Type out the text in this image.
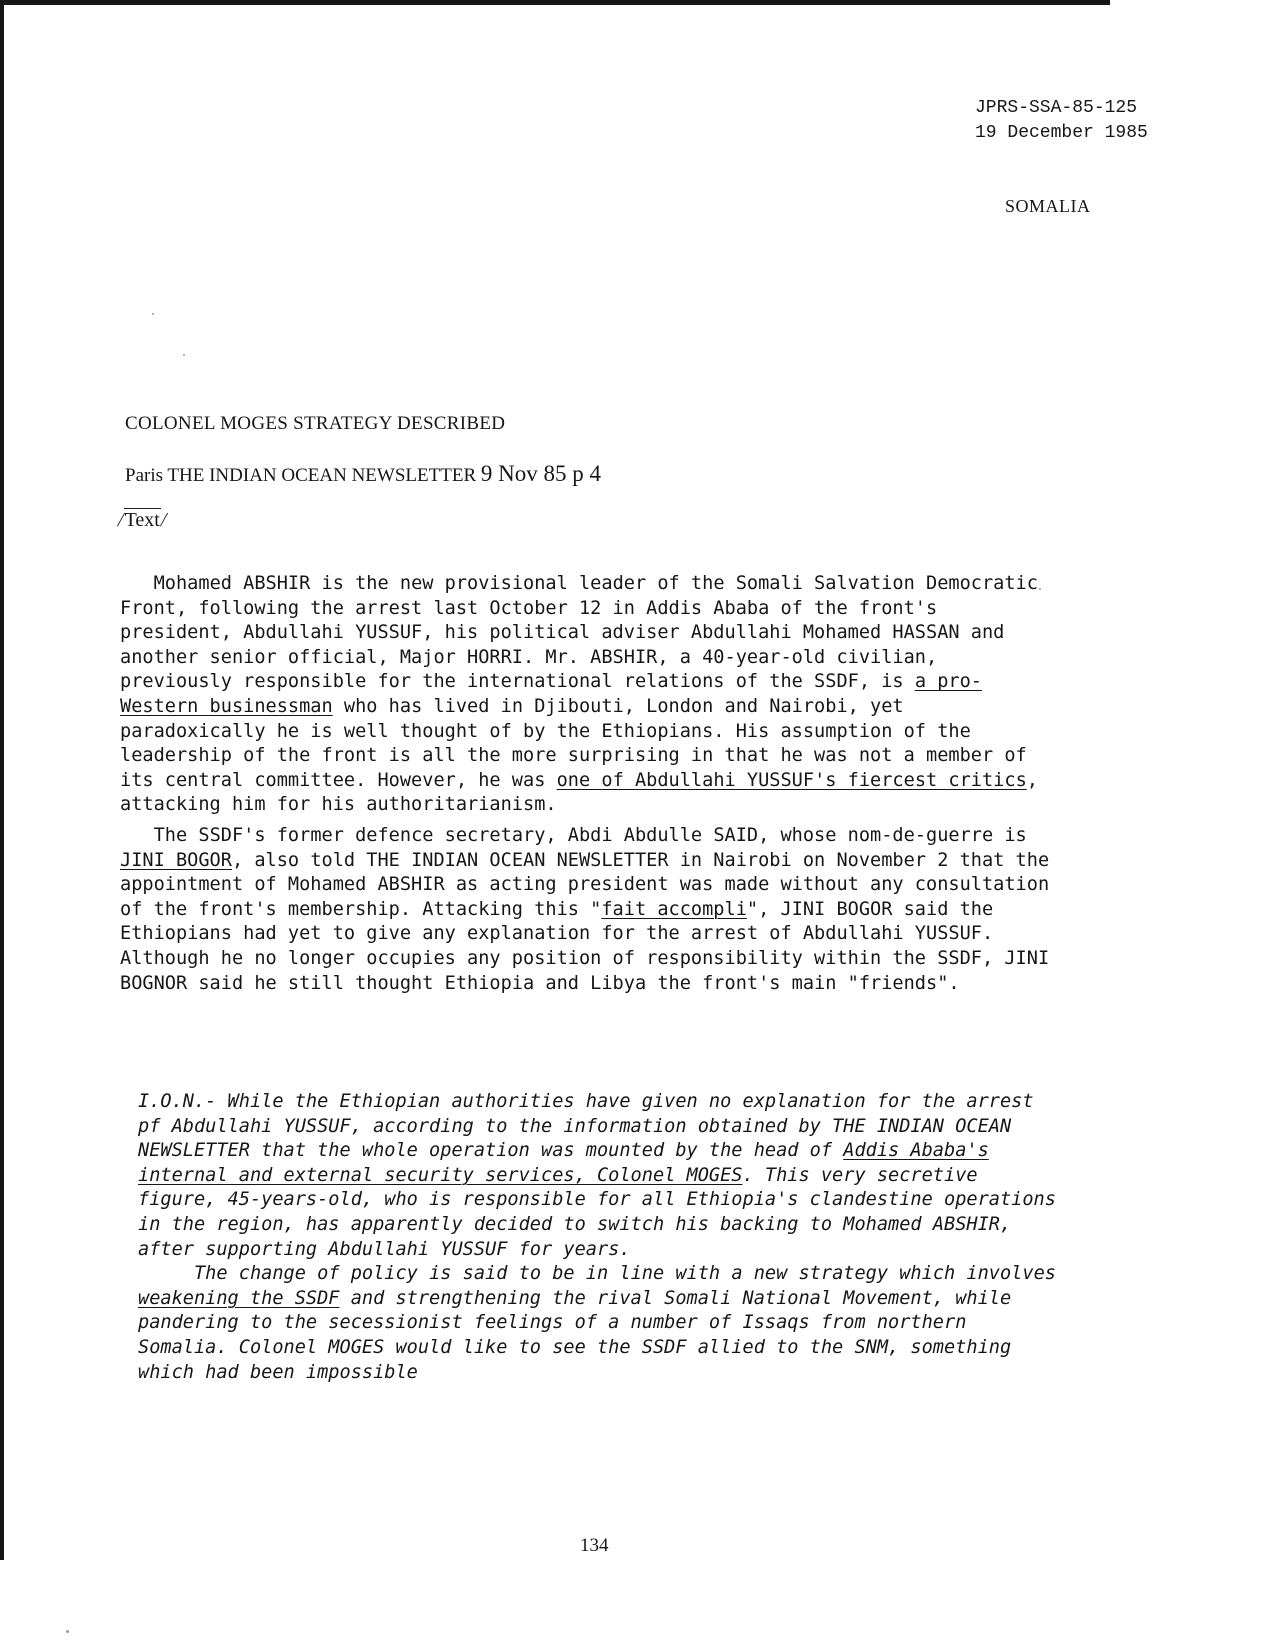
JPRS-SSA-85-125
19 December 1985
SOMALIA
COLONEL MOGES STRATEGY DESCRIBED
Paris THE INDIAN OCEAN NEWSLETTER 9 Nov 85 p 4
/Text/

Mohamed ABSHIR is the new provisional leader of the Somali Salvation Democratic Front, following the arrest last October 12 in Addis Ababa of the front's president, Abdullahi YUSSUF, his political adviser Abdullahi Mohamed HASSAN and another senior official, Major HORRI. Mr. ABSHIR, a 40-year-old civilian, previously responsible for the international relations of the SSDF, is a pro-Western businessman who has lived in Djibouti, London and Nairobi, yet paradoxically he is well thought of by the Ethiopians. His assumption of the leadership of the front is all the more surprising in that he was not a member of its central committee. However, he was one of Abdullahi YUSSUF's fiercest critics, attacking him for his authoritarianism.

The SSDF's former defence secretary, Abdi Abdulle SAID, whose nom-de-guerre is JINI BOGOR, also told THE INDIAN OCEAN NEWSLETTER in Nairobi on November 2 that the appointment of Mohamed ABSHIR as acting president was made without any consultation of the front's membership. Attacking this "fait accompli", JINI BOGOR said the Ethiopians had yet to give any explanation for the arrest of Abdullahi YUSSUF. Although he no longer occupies any position of responsibility within the SSDF, JINI BOGNOR said he still thought Ethiopia and Libya the front's main "friends".

I.O.N.- While the Ethiopian authorities have given no explanation for the arrest pf Abdullahi YUSSUF, according to the information obtained by THE INDIAN OCEAN NEWSLETTER that the whole operation was mounted by the head of Addis Ababa's internal and external security services, Colonel MOGES. This very secretive figure, 45-years-old, who is responsible for all Ethiopia's clandestine operations in the region, has apparently decided to switch his backing to Mohamed ABSHIR, after supporting Abdullahi YUSSUF for years.

The change of policy is said to be in line with a new strategy which involves weakening the SSDF and strengthening the rival Somali National Movement, while pandering to the secessionist feelings of a number of Issaqs from northern Somalia. Colonel MOGES would like to see the SSDF allied to the SNM, something which had been impossible

134
